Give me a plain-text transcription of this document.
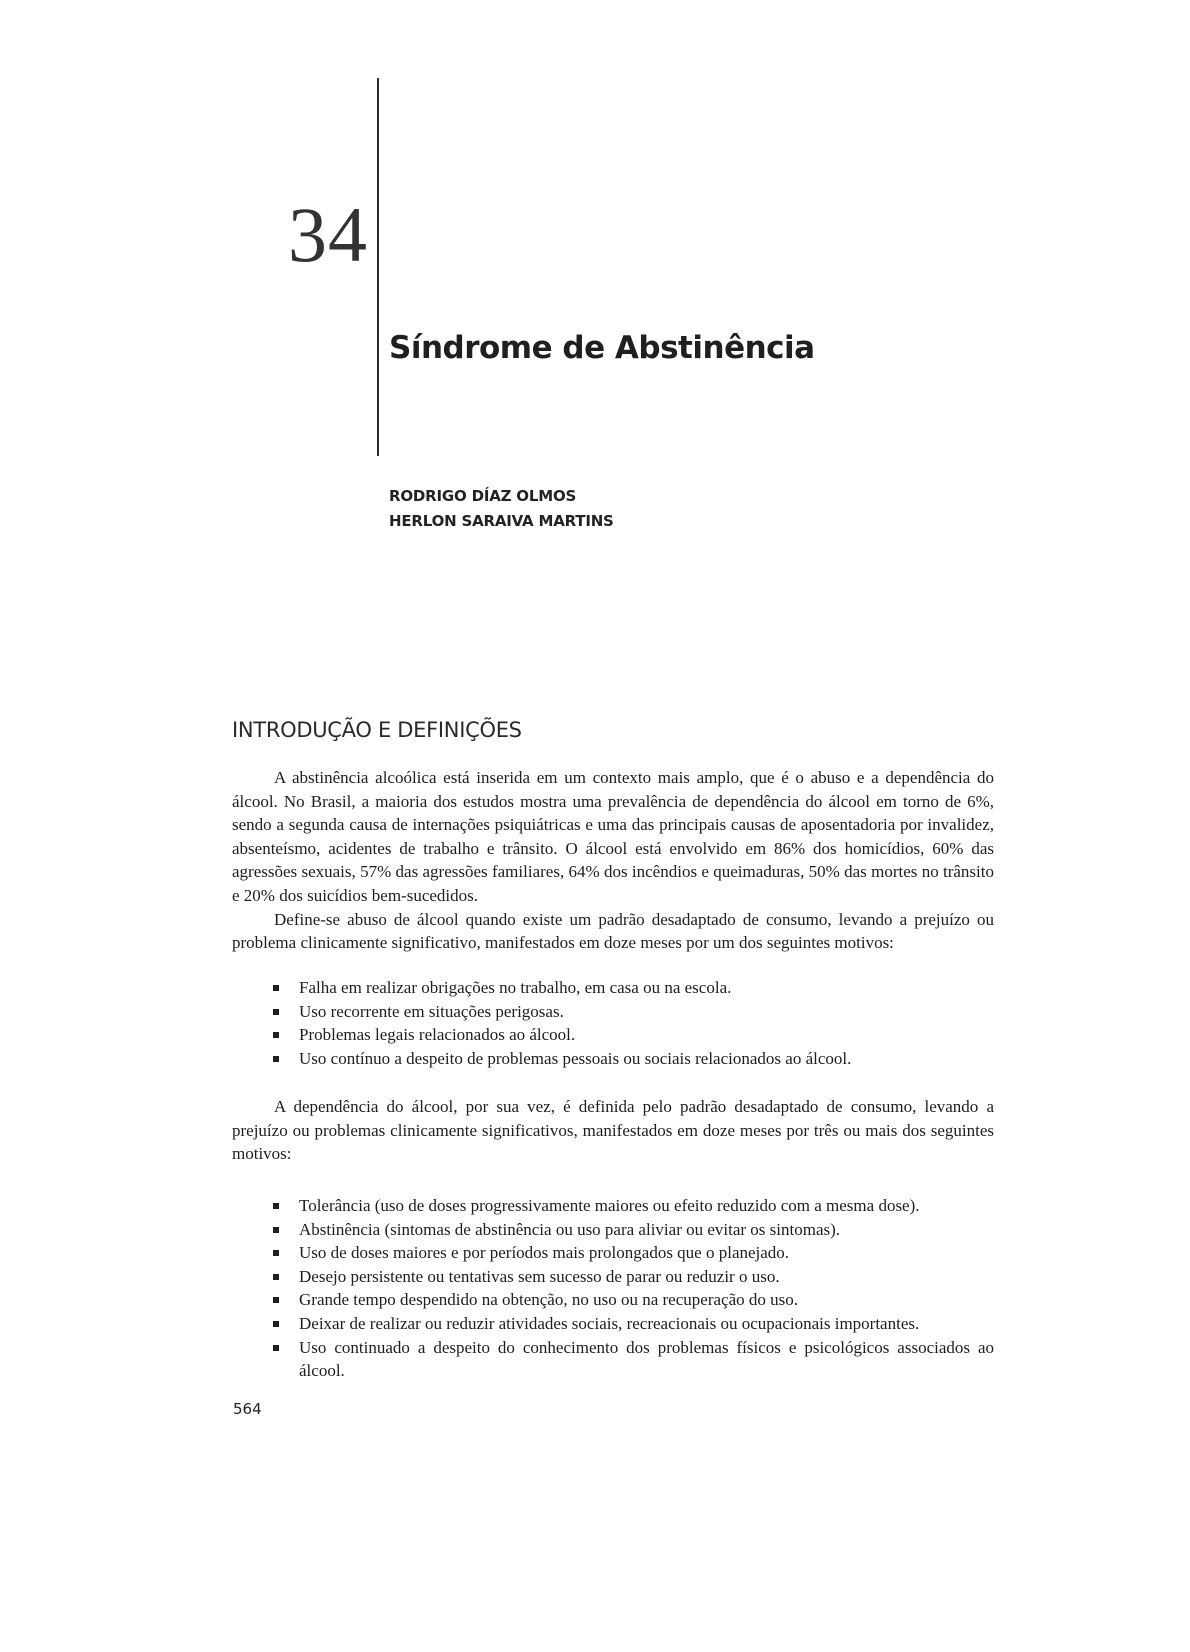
34
Síndrome de Abstinência
RODRIGO DÍAZ OLMOS
HERLON SARAIVA MARTINS
INTRODUÇÃO E DEFINIÇÕES

A abstinência alcoólica está inserida em um contexto mais amplo, que é o abuso e a dependência do álcool. No Brasil, a maioria dos estudos mostra uma prevalência de dependência do álcool em torno de 6%, sendo a segunda causa de internações psiquiátricas e uma das principais causas de aposentadoria por invalidez, absenteísmo, acidentes de trabalho e trânsito. O álcool está envolvido em 86% dos homicídios, 60% das agressões sexuais, 57% das agressões familiares, 64% dos incêndios e queimaduras, 50% das mortes no trânsito e 20% dos suicídios bem-sucedidos.

Define-se abuso de álcool quando existe um padrão desadaptado de consumo, levando a prejuízo ou problema clinicamente significativo, manifestados em doze meses por um dos seguintes motivos:

Falha em realizar obrigações no trabalho, em casa ou na escola.
Uso recorrente em situações perigosas.
Problemas legais relacionados ao álcool.
Uso contínuo a despeito de problemas pessoais ou sociais relacionados ao álcool.

A dependência do álcool, por sua vez, é definida pelo padrão desadaptado de consumo, levando a prejuízo ou problemas clinicamente significativos, manifestados em doze meses por três ou mais dos seguintes motivos:

Tolerância (uso de doses progressivamente maiores ou efeito reduzido com a mesma dose).
Abstinência (sintomas de abstinência ou uso para aliviar ou evitar os sintomas).
Uso de doses maiores e por períodos mais prolongados que o planejado.
Desejo persistente ou tentativas sem sucesso de parar ou reduzir o uso.
Grande tempo despendido na obtenção, no uso ou na recuperação do uso.
Deixar de realizar ou reduzir atividades sociais, recreacionais ou ocupacionais importantes.
Uso continuado a despeito do conhecimento dos problemas físicos e psicológicos associados ao álcool.
564
